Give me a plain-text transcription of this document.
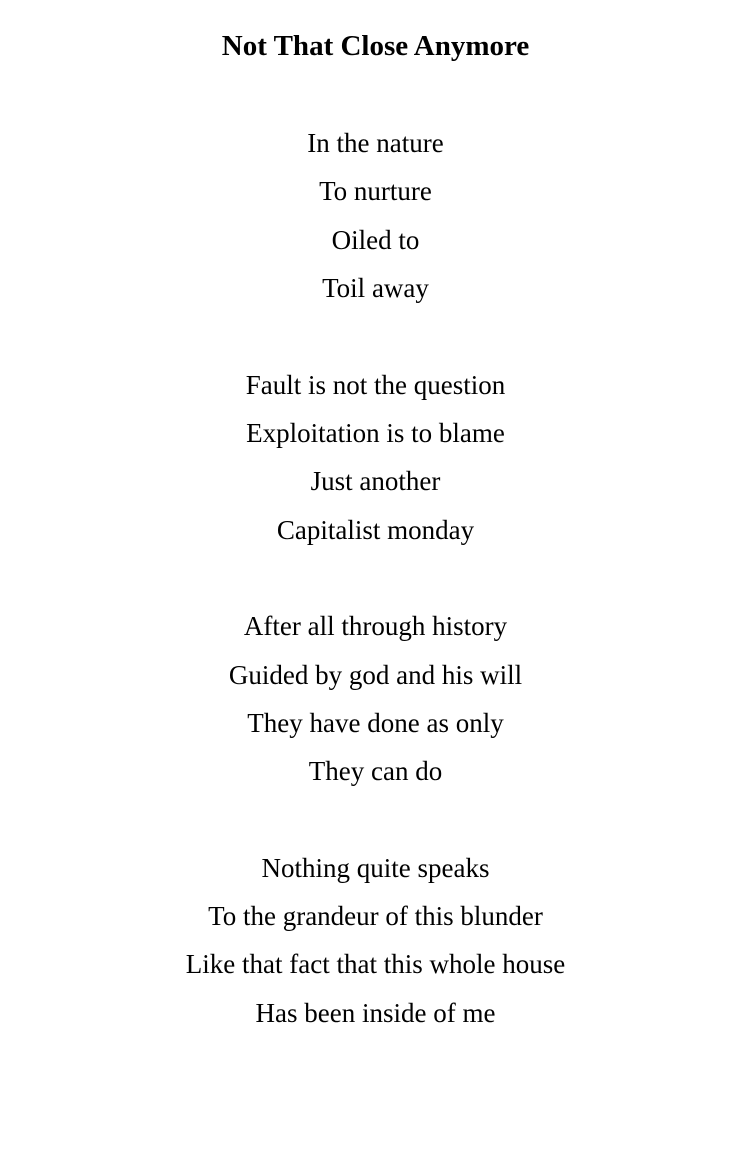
Not That Close Anymore
In the nature
To nurture
Oiled to
Toil away
Fault is not the question
Exploitation is to blame
Just another
Capitalist monday
After all through history
Guided by god and his will
They have done as only
They can do
Nothing quite speaks
To the grandeur of this blunder
Like that fact that this whole house
Has been inside of me
